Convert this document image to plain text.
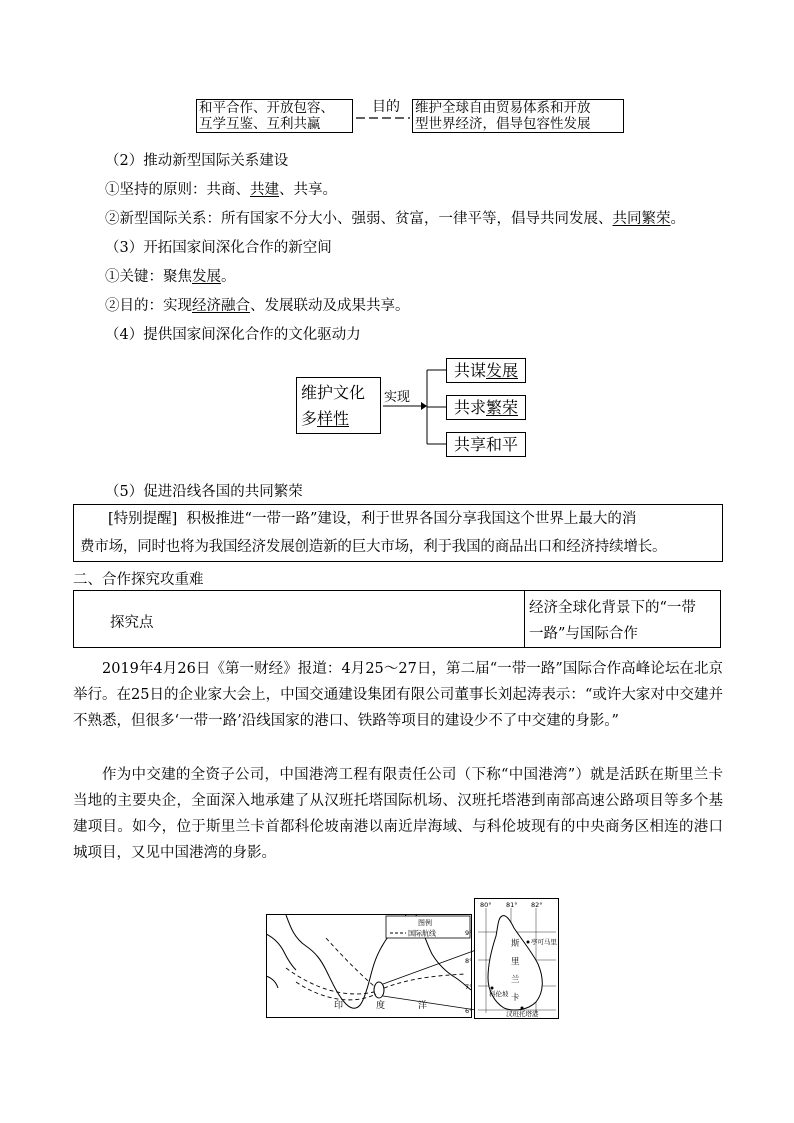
和平合作、开放包容、
互学互鉴、互利共赢
目的 维护全球自由贸易体系和开放
型世界经济，倡导包容性发展
（2）推动新型国际关系建设
①坚持的原则：共商、共建、共享。
②新型国际关系：所有国家不分大小、强弱、贫富，一律平等，倡导共同发展、共同繁荣。
（3）开拓国家间深化合作的新空间
①关键：聚焦发展。
②目的：实现经济融合、发展联动及成果共享。
（4）提供国家间深化合作的文化驱动力
维护文化
多样性
实现
共谋发展
共求繁荣
共享和平
（5）促进沿线各国的共同繁荣
[特别提醒] 积极推进“一带一路”建设，利于世界各国分享我国这个世界上最大的消
费市场，同时也将为我国经济发展创造新的巨大市场，利于我国的商品出口和经济持续增长。
二、合作探究攻重难
探究点
经济全球化背景下的“一带
一路”与国际合作
2019年4月26日《第一财经》报道：4月25～27日，第二届“一带一路”国际合作高峰论坛在北京举行。在25日的企业家大会上，中国交通建设集团有限公司董事长刘起涛表示：“或许大家对中交建并不熟悉，但很多‘一带一路’沿线国家的港口、铁路等项目的建设少不了中交建的身影。”
作为中交建的全资子公司，中国港湾工程有限责任公司（下称“中国港湾”）就是活跃在斯里兰卡当地的主要央企，全面深入地承建了从汉班托塔国际机场、汉班托塔港到南部高速公路项目等多个基建项目。如今，位于斯里兰卡首都科伦坡南港以南近岸海域、与科伦坡现有的中央商务区相连的港口城项目，又见中国港湾的身影。
图例
国际航线
印	度	洋
80° 81° 82°
9°
8°
7°
6°
斯
里
兰
卡
亭可马里
科伦坡
汉班托塔港
